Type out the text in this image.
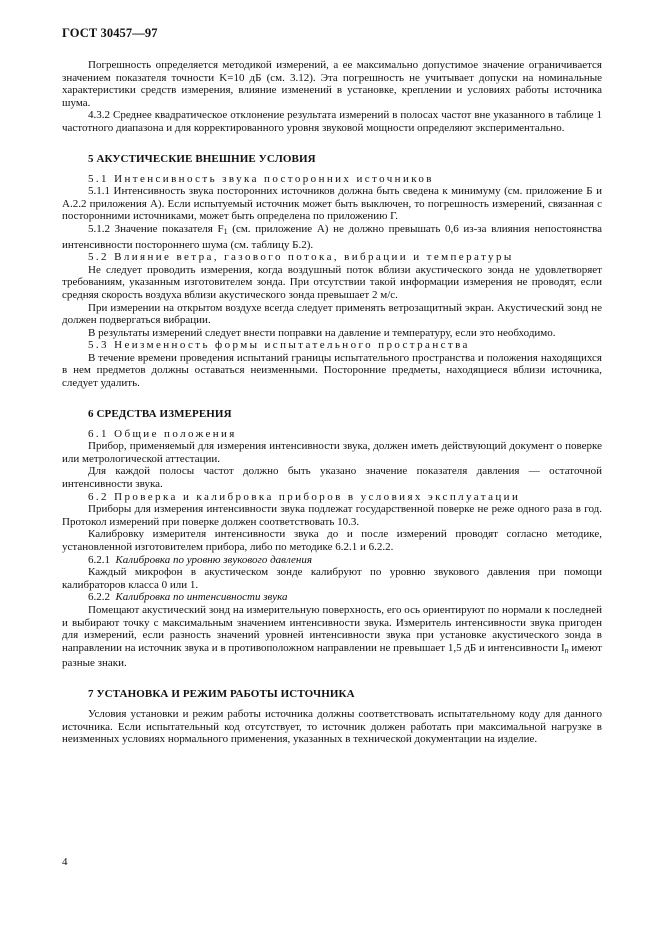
ГОСТ 30457—97

Погрешность определяется методикой измерений, а ее максимально допустимое значение ограничивается значением показателя точности K=10 дБ (см. 3.12). Эта погрешность не учитывает допуски на номинальные характеристики средств измерения, влияние изменений в установке, креплении и условиях работы источника шума.

4.3.2 Среднее квадратическое отклонение результата измерений в полосах частот вне указанного в таблице 1 частотного диапазона и для корректированного уровня звуковой мощности определяют экспериментально.

5 АКУСТИЧЕСКИЕ ВНЕШНИЕ УСЛОВИЯ

5.1 Интенсивность звука посторонних источников

5.1.1 Интенсивность звука посторонних источников должна быть сведена к минимуму (см. приложение Б и А.2.2 приложения А). Если испытуемый источник может быть выключен, то погрешность измерений, связанная с посторонними источниками, может быть определена по приложению Г.

5.1.2 Значение показателя $F_1$ (см. приложение А) не должно превышать 0,6 из-за влияния непостоянства интенсивности постороннего шума (см. таблицу Б.2).

5.2 Влияние ветра, газового потока, вибрации и температуры

Не следует проводить измерения, когда воздушный поток вблизи акустического зонда не удовлетворяет требованиям, указанным изготовителем зонда. При отсутствии такой информации измерения не проводят, если средняя скорость воздуха вблизи акустического зонда превышает 2 м/с.

При измерении на открытом воздухе всегда следует применять ветрозащитный экран. Акустический зонд не должен подвергаться вибрации.

В результаты измерений следует внести поправки на давление и температуру, если это необходимо.

5.3 Неизменность формы испытательного пространства

В течение времени проведения испытаний границы испытательного пространства и положения находящихся в нем предметов должны оставаться неизменными. Посторонние предметы, находящиеся вблизи источника, следует удалить.

6 СРЕДСТВА ИЗМЕРЕНИЯ

6.1 Общие положения

Прибор, применяемый для измерения интенсивности звука, должен иметь действующий документ о поверке или метрологической аттестации.

Для каждой полосы частот должно быть указано значение показателя давления — остаточной интенсивности звука.

6.2 Проверка и калибровка приборов в условиях эксплуатации

Приборы для измерения интенсивности звука подлежат государственной поверке не реже одного раза в год. Протокол измерений при поверке должен соответствовать 10.3.

Калибровку измерителя интенсивности звука до и после измерений проводят согласно методике, установленной изготовителем прибора, либо по методике 6.2.1 и 6.2.2.

6.2.1 Калибровка по уровню звукового давления

Каждый микрофон в акустическом зонде калибруют по уровню звукового давления при помощи калибраторов класса 0 или 1.

6.2.2 Калибровка по интенсивности звука

Помещают акустический зонд на измерительную поверхность, его ось ориентируют по нормали к последней и выбирают точку с максимальным значением интенсивности звука. Измеритель интенсивности звука пригоден для измерений, если разность значений уровней интенсивности звука при установке акустического зонда в направлении на источник звука и в противоположном направлении не превышает 1,5 дБ и интенсивности $I_n$ имеют разные знаки.

7 УСТАНОВКА И РЕЖИМ РАБОТЫ ИСТОЧНИКА

Условия установки и режим работы источника должны соответствовать испытательному коду для данного источника. Если испытательный код отсутствует, то источник должен работать при максимальной нагрузке в неизменных условиях нормального применения, указанных в технической документации на изделие.

4
